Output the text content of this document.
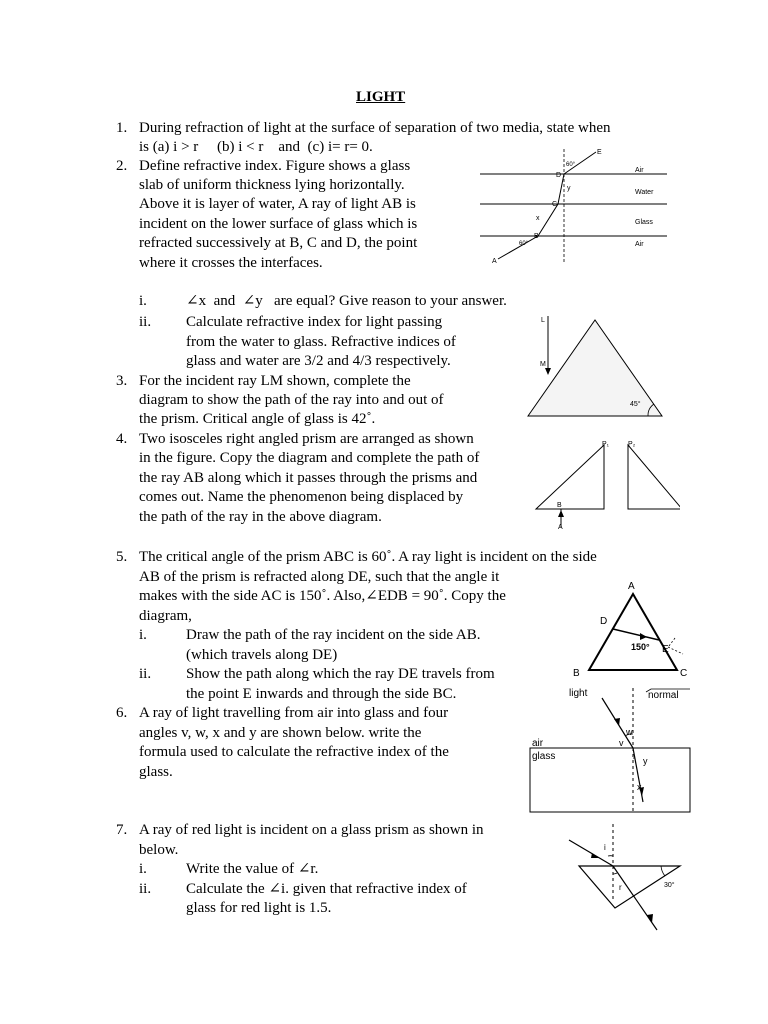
LIGHT
1. During refraction of light at the surface of separation of two media, state when
is (a) i > r     (b) i < r    and  (c) i= r= 0.
2. Define refractive index. Figure shows a glass
slab of uniform thickness lying horizontally.
Above it is layer of water, A ray of light AB is
incident on the lower surface of glass which is
refracted successively at B, C and D, the point
where it crosses the interfaces.
i.	∠x  and  ∠y   are equal? Give reason to your answer.
ii. Calculate refractive index for light passing
from the water to glass. Refractive indices of
glass and water are 3/2 and 4/3 respectively.
E
D
60°
y
C
x
B
60°
A
Air
Water
Glass
Air
3. For the incident ray LM shown, complete the
diagram to show the path of the ray into and out of
the prism. Critical angle of glass is 42˚.
L
M
45°
4. Two isosceles right angled prism are arranged as shown
in the figure. Copy the diagram and complete the path of
the ray AB along which it passes through the prisms and
comes out. Name the phenomenon being displaced by
the path of the ray in the above diagram.
P₁	P₂
B
A
5. The critical angle of the prism ABC is 60˚. A ray light is incident on the side
AB of the prism is refracted along DE, such that the angle it
makes with the side AC is 150˚. Also,∠EDB = 90˚. Copy the
diagram,
i.	Draw the path of the ray incident on the side AB.
(which travels along DE)
ii. Show the path along which the ray DE travels from
the point E inwards and through the side BC.
A
D
150° E
B	C
6. A ray of light travelling from air into glass and four
angles v, w, x and y are shown below. write the
formula used to calculate the refractive index of the
glass.
light	normal
w
v
y
x
air
glass
7. A ray of red light is incident on a glass prism as shown in
below.
i.	Write the value of ∠r.
ii. Calculate the ∠i. given that refractive index of
glass for red light is 1.5.
i
r	30°
